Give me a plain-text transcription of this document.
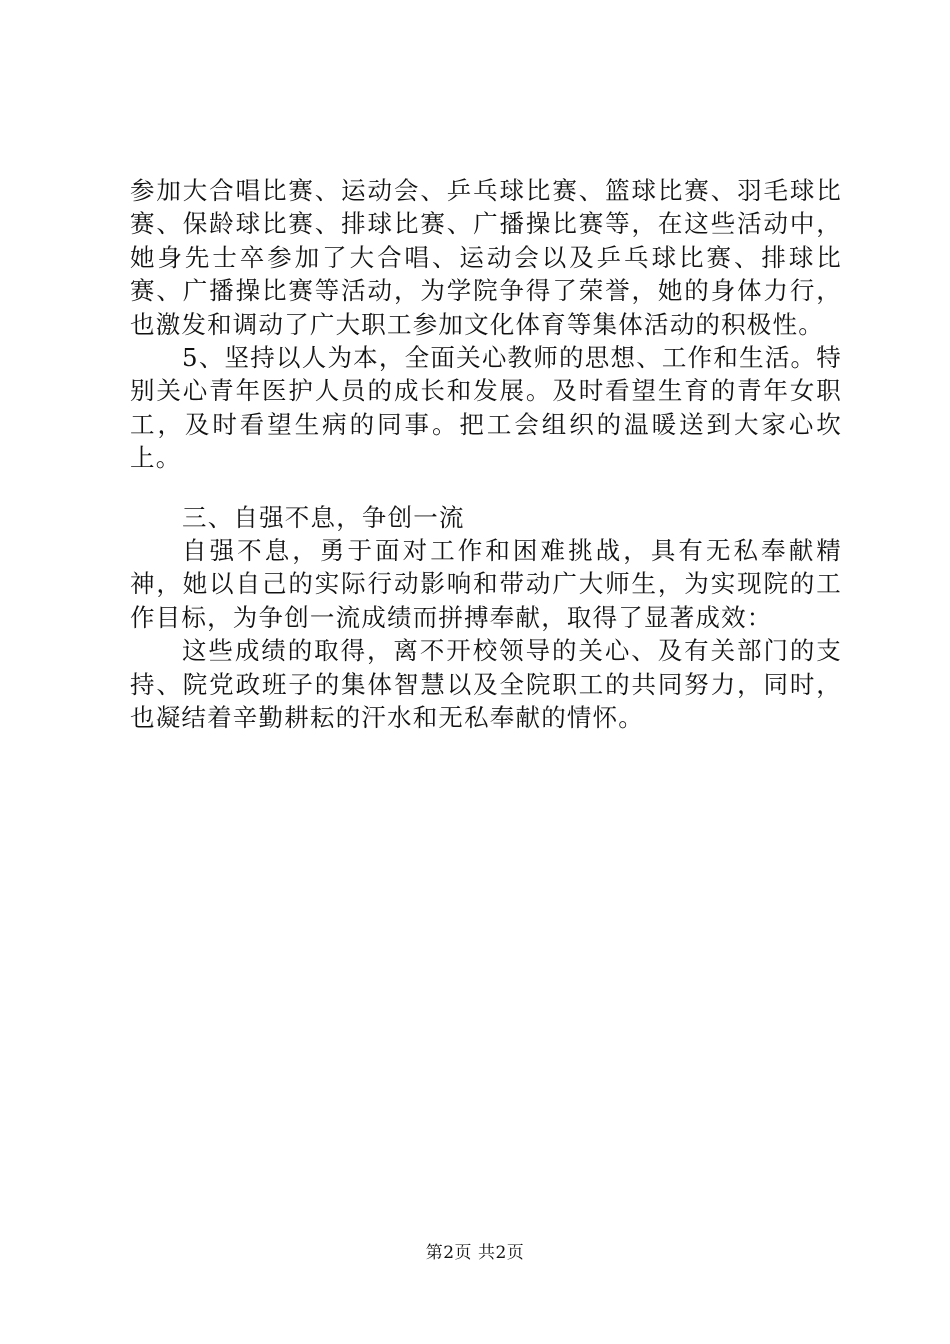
参加大合唱比赛、运动会、乒乓球比赛、篮球比赛、羽毛球比赛、保龄球比赛、排球比赛、广播操比赛等，在这些活动中，她身先士卒参加了大合唱、运动会以及乒乓球比赛、排球比赛、广播操比赛等活动，为学院争得了荣誉，她的身体力行，也激发和调动了广大职工参加文化体育等集体活动的积极性。

5、坚持以人为本，全面关心教师的思想、工作和生活。特别关心青年医护人员的成长和发展。及时看望生育的青年女职工，及时看望生病的同事。把工会组织的温暖送到大家心坎上。

三、自强不息，争创一流

自强不息，勇于面对工作和困难挑战，具有无私奉献精神，她以自己的实际行动影响和带动广大师生，为实现院的工作目标，为争创一流成绩而拼搏奉献，取得了显著成效：

这些成绩的取得，离不开校领导的关心、及有关部门的支持、院党政班子的集体智慧以及全院职工的共同努力，同时，也凝结着辛勤耕耘的汗水和无私奉献的情怀。

第2页 共2页
